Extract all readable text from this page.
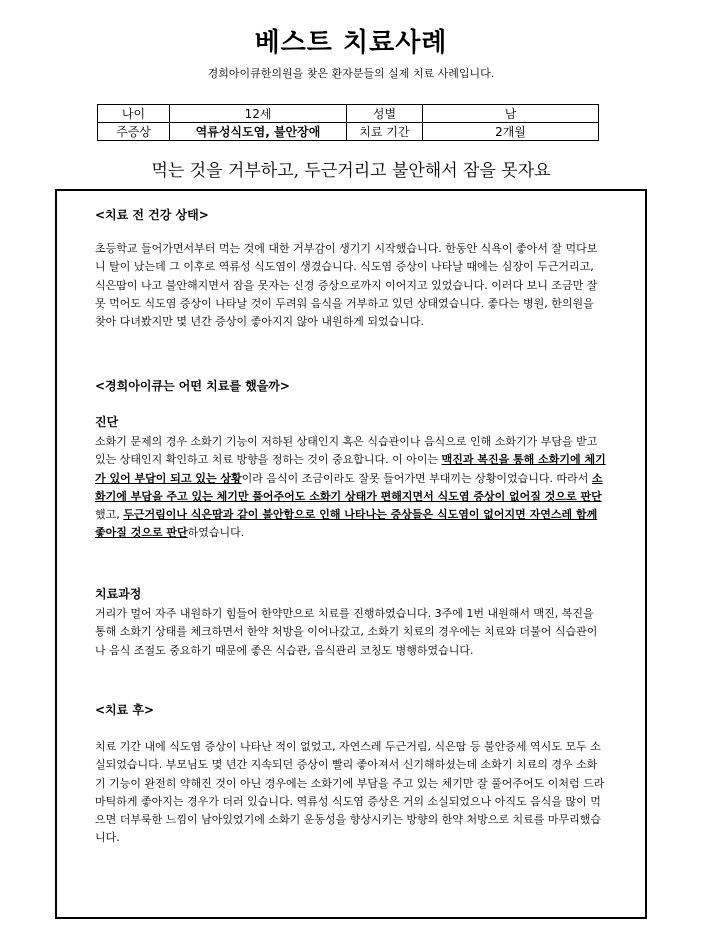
베스트 치료사례
경희아이큐한의원을 찾은 환자분들의 실제 치료 사례입니다.
나이	12세	성별	남
주증상	역류성식도염, 불안장애	치료 기간	2개월
먹는 것을 거부하고, 두근거리고 불안해서 잠을 못자요
<치료 전 건강 상태>
초등학교 들어가면서부터 먹는 것에 대한 거부감이 생기기 시작했습니다. 한동안 식욕이 좋아서 잘 먹다보니 탈이 났는데 그 이후로 역류성 식도염이 생겼습니다. 식도염 증상이 나타날 때에는 심장이 두근거리고, 식은땀이 나고 불안해지면서 잠을 못자는 신경 증상으로까지 이어지고 있었습니다. 이러다 보니 조금만 잘못 먹어도 식도염 증상이 나타날 것이 두려워 음식을 거부하고 있던 상태였습니다. 좋다는 병원, 한의원을 찾아 다녀봤지만 몇 년간 증상이 좋아지지 않아 내원하게 되었습니다.
<경희아이큐는 어떤 치료를 했을까>
진단
소화기 문제의 경우 소화기 기능이 저하된 상태인지 혹은 식습관이나 음식으로 인해 소화기가 부담을 받고 있는 상태인지 확인하고 치료 방향을 정하는 것이 중요합니다. 이 아이는 맥진과 복진을 통해 소화기에 체기가 있어 부담이 되고 있는 상황이라 음식이 조금이라도 잘못 들어가면 부대끼는 상황이었습니다. 따라서 소화기에 부담을 주고 있는 체기만 풀어주어도 소화기 상태가 편해지면서 식도염 증상이 없어질 것으로 판단했고, 두근거림이나 식은땀과 같이 불안함으로 인해 나타나는 증상들은 식도염이 없어지면 자연스레 함께 좋아질 것으로 판단하였습니다.
치료과정
거리가 멀어 자주 내원하기 힘들어 한약만으로 치료를 진행하였습니다. 3주에 1번 내원해서 맥진, 복진을 통해 소화기 상태를 체크하면서 한약 처방을 이어나갔고, 소화기 치료의 경우에는 치료와 더불어 식습관이나 음식 조절도 중요하기 때문에 좋은 식습관, 음식관리 코칭도 병행하였습니다.
<치료 후>
치료 기간 내에 식도염 증상이 나타난 적이 없었고, 자연스레 두근거림, 식은땀 등 불안증세 역시도 모두 소실되었습니다. 부모님도 몇 년간 지속되던 증상이 빨리 좋아져서 신기해하셨는데 소화기 치료의 경우 소화기 기능이 완전히 약해진 것이 아닌 경우에는 소화기에 부담을 주고 있는 체기만 잘 풀어주어도 이처럼 드라마틱하게 좋아지는 경우가 더러 있습니다. 역류성 식도염 증상은 거의 소실되었으나 아직도 음식을 많이 먹으면 더부룩한 느낌이 남아있었기에 소화기 운동성을 향상시키는 방향의 한약 처방으로 치료를 마무리했습니다.
